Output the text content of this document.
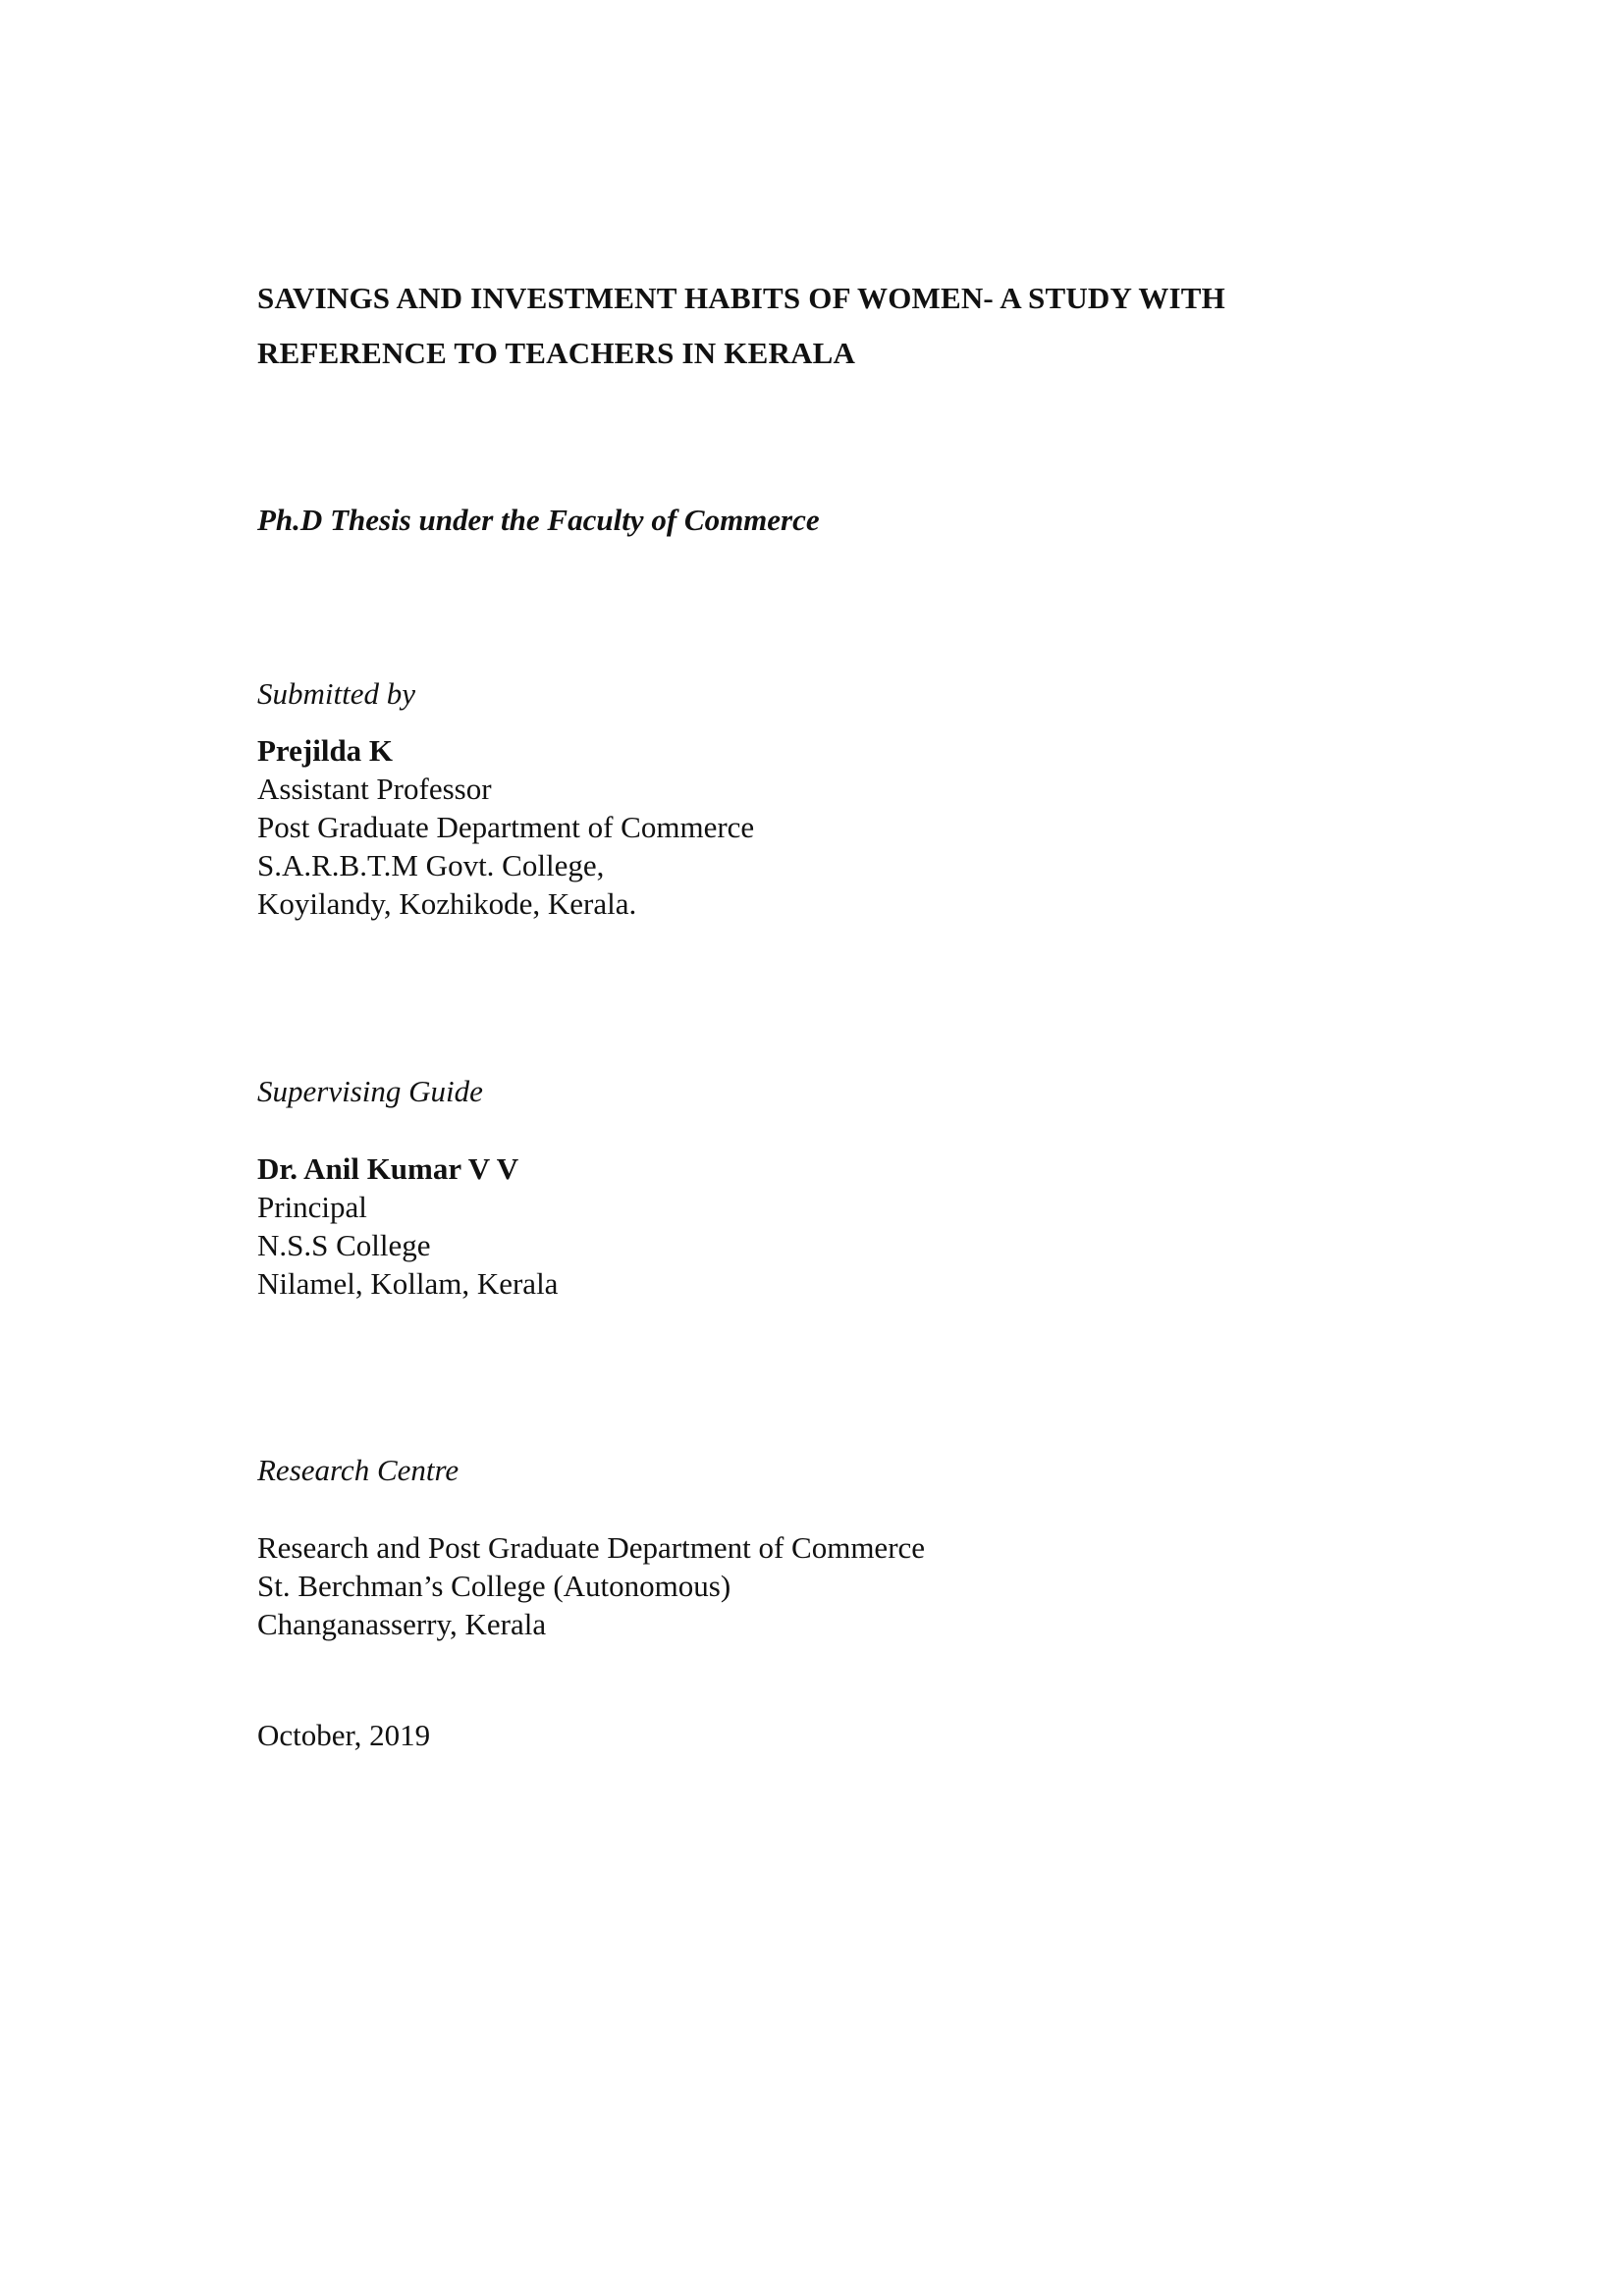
SAVINGS AND INVESTMENT HABITS OF WOMEN- A STUDY WITH
REFERENCE TO TEACHERS IN KERALA

Ph.D Thesis under the Faculty of Commerce

Submitted by

Prejilda K
Assistant Professor
Post Graduate Department of Commerce
S.A.R.B.T.M Govt. College,
Koyilandy, Kozhikode, Kerala.

Supervising Guide

Dr. Anil Kumar V V
Principal
N.S.S College
Nilamel, Kollam, Kerala

Research Centre

Research and Post Graduate Department of Commerce
St. Berchman’s College (Autonomous)
Changanasserry, Kerala

October, 2019
